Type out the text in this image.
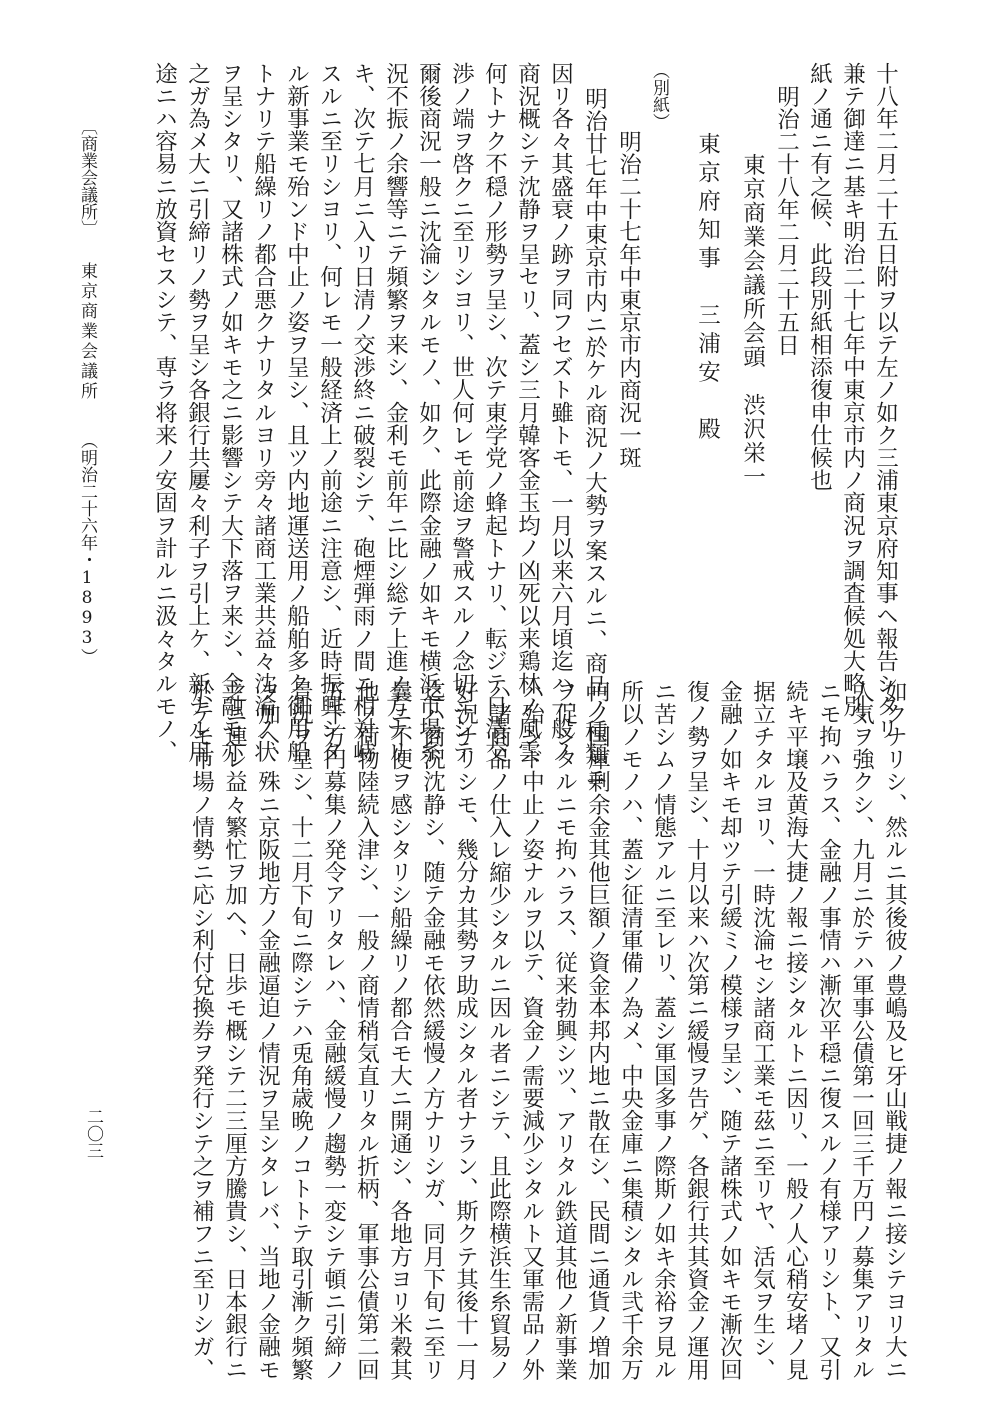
十八年二月二十五日附ヲ以テ左ノ如ク三浦東京府知事ヘ報告シタリ
兼テ御達ニ基キ明治二十七年中東京市内ノ商況ヲ調査候処大略別
紙ノ通ニ有之候、此段別紙相添復申仕候也
明治二十八年二月二十五日
東京商業会議所会頭　渋沢栄一
東京府知事　三浦安　殿
（別紙）
明治二十七年中東京市内商況一斑
明治廿七年中東京市内ニ於ケル商況ノ大勢ヲ案スルニ、商品ノ種類ニ
因リ各々其盛衰ノ跡ヲ同フセズト雖トモ、一月以来六月頃迄ハ一般ノ
商況概シテ沈静ヲ呈セリ、蓋シ三月韓客金玉均ノ凶死以来鶏林ノ風雲
何トナク不穏ノ形勢ヲ呈シ、次テ東学党ノ蜂起トナリ、転ジテ日清交
渉ノ端ヲ啓クニ至リシヨリ、世人何レモ前途ヲ警戒スルノ念切ニシテ
爾後商況一般ニ沈淪シタルモノ、如ク、此際金融ノ如キモ横浜市場糸
況不振ノ余響等ニテ頻繁ヲ来シ、金利モ前年ニ比シ総テ上進ノ方ナリ
キ、次テ七月ニ入リ日清ノ交渉終ニ破裂シテ、砲煙弾雨ノ間ニ相対峙
スルニ至リシヨリ、何レモ一般経済上ノ前途ニ注意シ、近時振興シタ
ル新事業モ殆ンド中止ノ姿ヲ呈シ、且ツ内地運送用ノ船舶多ク御用船
トナリテ船繰リノ都合悪クナリタルヨリ旁々諸商工業共益々沈淪ノ状
ヲ呈シタリ、又諸株式ノ如キモ之ニ影響シテ大下落ヲ来シ、金融モ亦
之ガ為メ大ニ引締リノ勢ヲ呈シ各銀行共屢々利子ヲ引上ケ、新ナル用
途ニハ容易ニ放資セスシテ、専ラ将来ノ安固ヲ計ルニ汲々タルモノ、
〔商業会議所〕
東京商業会議所
（明治二十六年・1893）
如クナリシ、然ルニ其後彼ノ豊嶋及ヒ牙山戦捷ノ報ニ接シテヨリ大ニ
人気ヲ強クシ、九月ニ於テハ軍事公債第一回三千万円ノ募集アリタル
ニモ拘ハラス、金融ノ事情ハ漸次平穏ニ復スルノ有様アリシト、又引
続キ平壌及黄海大捷ノ報ニ接シタルトニ因リ、一般ノ人心稍安堵ノ見
据立チタルヨリ、一時沈淪セシ諸商工業モ茲ニ至リヤ、活気ヲ生シ、
金融ノ如キモ却ツテ引緩ミノ模様ヲ呈シ、随テ諸株式ノ如キモ漸次回
復ノ勢ヲ呈シ、十月以来ハ次第ニ緩慢ヲ告ゲ、各銀行共其資金ノ運用
ニ苦シムノ情態アルニ至レリ、蓋シ軍国多事ノ際斯ノ如キ余裕ヲ見ル
所以ノモノハ、蓋シ征清軍備ノ為メ、中央金庫ニ集積シタル弐千余万
円ノ国庫剰余金其他巨額ノ資金本邦内地ニ散在シ、民間ニ通貨ノ増加
ヲ促シタルニモ拘ハラス、従来勃興シツ、アリタル鉄道其他ノ新事業
ハ殆ンド中止ノ姿ナルヲ以テ、資金ノ需要減少シタルト又軍需品ノ外
ハ諸商品ノ仕入レ縮少シタルニ因ル者ニシテ、且此際横浜生糸貿易ノ
好況ナリシモ、幾分カ其勢ヲ助成シタル者ナラン、斯クテ其後十一月
迄ハ商況沈静シ、随テ金融モ依然緩慢ノ方ナリシガ、同月下旬ニ至リ
曩ニ不便ヲ感シタリシ船繰リノ都合モ大ニ開通シ、各地方ヨリ米穀其
他ノ荷物陸続入津シ、一般ノ商情稍気直リタル折柄、軍事公債第二回
五千万円募集ノ発令アリタレハ、金融緩慢ノ趨勢一変シテ頓ニ引締ノ
景況ヲ呈シ、十二月下旬ニ際シテハ兎角歳晩ノコトトテ取引漸ク頻繁
ヲ加ヘ、殊ニ京阪地方ノ金融逼迫ノ情況ヲ呈シタレバ、当地ノ金融モ
之ニ連レ益々繁忙ヲ加ヘ、日歩モ概シテ二三厘方騰貴シ、日本銀行ニ
於テモ市場ノ情勢ニ応シ利付兌換券ヲ発行シテ之ヲ補フニ至リシガ、
二〇三
